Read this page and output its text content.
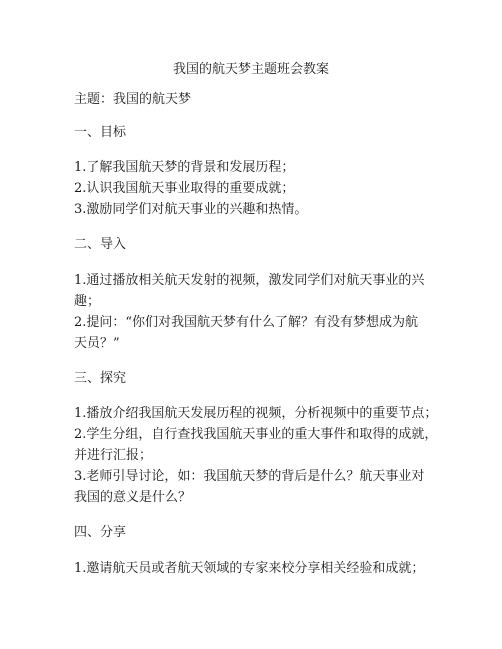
我国的航天梦主题班会教案
主题：我国的航天梦
一、目标
1.了解我国航天梦的背景和发展历程；
2.认识我国航天事业取得的重要成就；
3.激励同学们对航天事业的兴趣和热情。
二、导入
1.通过播放相关航天发射的视频，激发同学们对航天事业的兴
趣；
2.提问：“你们对我国航天梦有什么了解？有没有梦想成为航
天员？”
三、探究
1.播放介绍我国航天发展历程的视频，分析视频中的重要节点；
2.学生分组，自行查找我国航天事业的重大事件和取得的成就，
并进行汇报；
3.老师引导讨论，如：我国航天梦的背后是什么？航天事业对
我国的意义是什么？
四、分享
1.邀请航天员或者航天领域的专家来校分享相关经验和成就；
